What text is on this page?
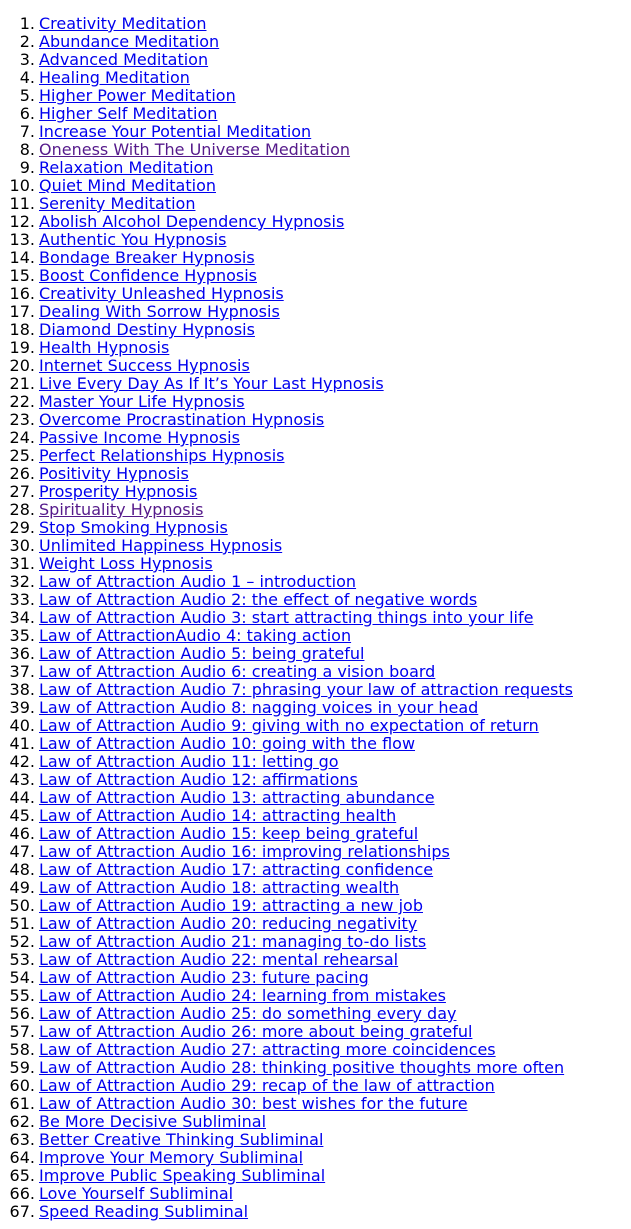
1. Creativity Meditation
2. Abundance Meditation
3. Advanced Meditation
4. Healing Meditation
5. Higher Power Meditation
6. Higher Self Meditation
7. Increase Your Potential Meditation
8. Oneness With The Universe Meditation
9. Relaxation Meditation
10. Quiet Mind Meditation
11. Serenity Meditation
12. Abolish Alcohol Dependency Hypnosis
13. Authentic You Hypnosis
14. Bondage Breaker Hypnosis
15. Boost Confidence Hypnosis
16. Creativity Unleashed Hypnosis
17. Dealing With Sorrow Hypnosis
18. Diamond Destiny Hypnosis
19. Health Hypnosis
20. Internet Success Hypnosis
21. Live Every Day As If It’s Your Last Hypnosis
22. Master Your Life Hypnosis
23. Overcome Procrastination Hypnosis
24. Passive Income Hypnosis
25. Perfect Relationships Hypnosis
26. Positivity Hypnosis
27. Prosperity Hypnosis
28. Spirituality Hypnosis
29. Stop Smoking Hypnosis
30. Unlimited Happiness Hypnosis
31. Weight Loss Hypnosis
32. Law of Attraction Audio 1 – introduction
33. Law of Attraction Audio 2: the effect of negative words
34. Law of Attraction Audio 3: start attracting things into your life
35. Law of AttractionAudio 4: taking action
36. Law of Attraction Audio 5: being grateful
37. Law of Attraction Audio 6: creating a vision board
38. Law of Attraction Audio 7: phrasing your law of attraction requests
39. Law of Attraction Audio 8: nagging voices in your head
40. Law of Attraction Audio 9: giving with no expectation of return
41. Law of Attraction Audio 10: going with the flow
42. Law of Attraction Audio 11: letting go
43. Law of Attraction Audio 12: affirmations
44. Law of Attraction Audio 13: attracting abundance
45. Law of Attraction Audio 14: attracting health
46. Law of Attraction Audio 15: keep being grateful
47. Law of Attraction Audio 16: improving relationships
48. Law of Attraction Audio 17: attracting confidence
49. Law of Attraction Audio 18: attracting wealth
50. Law of Attraction Audio 19: attracting a new job
51. Law of Attraction Audio 20: reducing negativity
52. Law of Attraction Audio 21: managing to-do lists
53. Law of Attraction Audio 22: mental rehearsal
54. Law of Attraction Audio 23: future pacing
55. Law of Attraction Audio 24: learning from mistakes
56. Law of Attraction Audio 25: do something every day
57. Law of Attraction Audio 26: more about being grateful
58. Law of Attraction Audio 27: attracting more coincidences
59. Law of Attraction Audio 28: thinking positive thoughts more often
60. Law of Attraction Audio 29: recap of the law of attraction
61. Law of Attraction Audio 30: best wishes for the future
62. Be More Decisive Subliminal
63. Better Creative Thinking Subliminal
64. Improve Your Memory Subliminal
65. Improve Public Speaking Subliminal
66. Love Yourself Subliminal
67. Speed Reading Subliminal
